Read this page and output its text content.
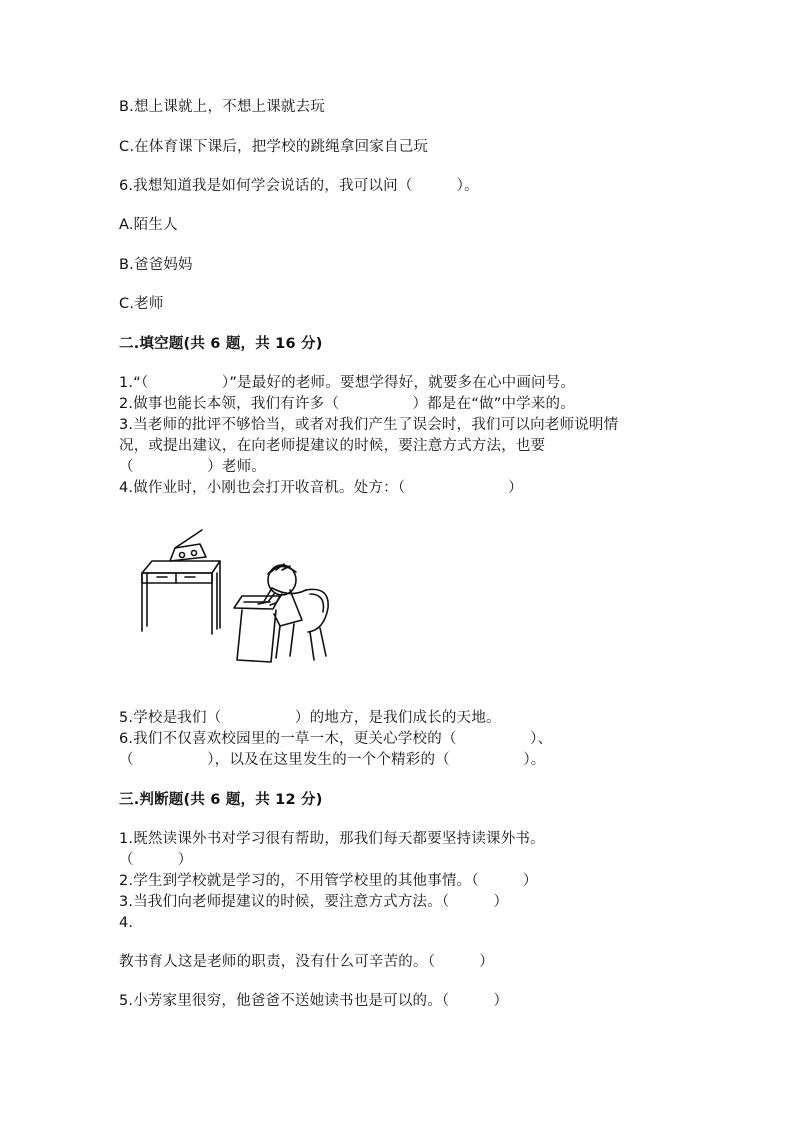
B.想上课就上，不想上课就去玩
C.在体育课下课后，把学校的跳绳拿回家自己玩
6.我想知道我是如何学会说话的，我可以问（　　　）。
A.陌生人
B.爸爸妈妈
C.老师
二.填空题(共 6 题，共 16 分)
1.“（　　　　　）”是最好的老师。要想学得好，就要多在心中画问号。
2.做事也能长本领，我们有许多（　　　　　）都是在“做”中学来的。
3.当老师的批评不够恰当，或者对我们产生了误会时，我们可以向老师说明情
况，或提出建议，在向老师提建议的时候，要注意方式方法，也要
（　　　　　）老师。
4.做作业时，小刚也会打开收音机。处方：（　　　　　　　）
5.学校是我们（　　　　　）的地方，是我们成长的天地。
6.我们不仅喜欢校园里的一草一木，更关心学校的（　　　　　）、
（　　　　　），以及在这里发生的一个个精彩的（　　　　　）。
三.判断题(共 6 题，共 12 分)
1.既然读课外书对学习很有帮助，那我们每天都要坚持读课外书。
（　　　）
2.学生到学校就是学习的，不用管学校里的其他事情。（　　　）
3.当我们向老师提建议的时候，要注意方式方法。（　　　）
4.
教书育人这是老师的职责，没有什么可辛苦的。（　　　）
5.小芳家里很穷，他爸爸不送她读书也是可以的。（　　　）
